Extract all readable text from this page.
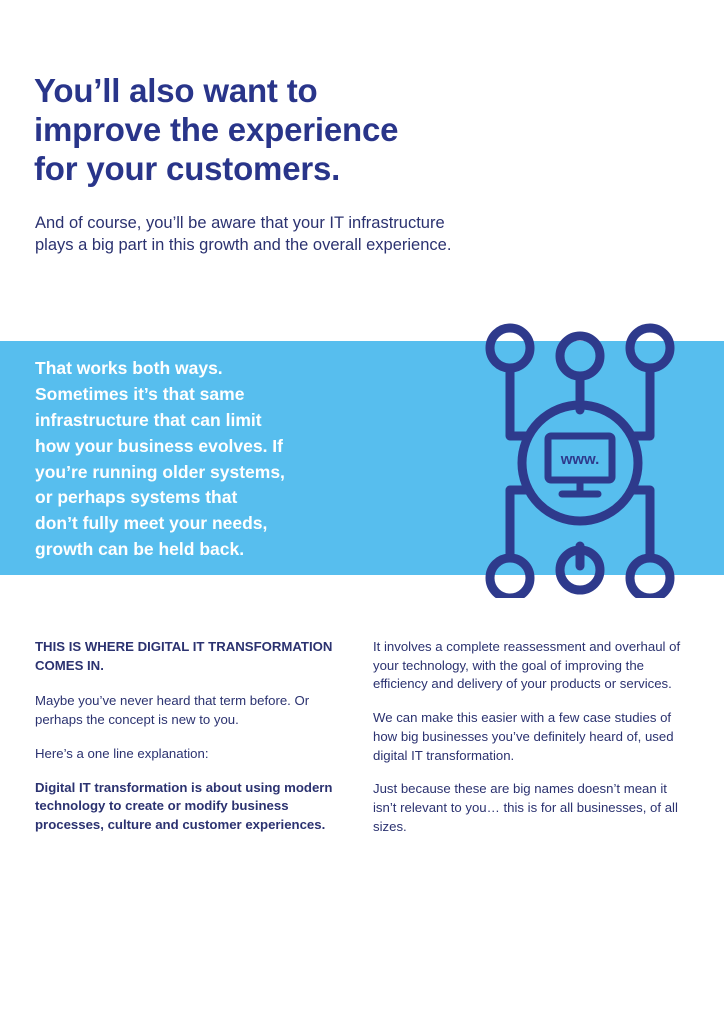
You’ll also want to
improve the experience
for your customers.
And of course, you’ll be aware that your IT infrastructure
plays a big part in this growth and the overall experience.
That works both ways.
Sometimes it’s that same
infrastructure that can limit
how your business evolves. If
you’re running older systems,
or perhaps systems that
don’t fully meet your needs,
growth can be held back.
www.

THIS IS WHERE DIGITAL IT TRANSFORMATION COMES IN.

Maybe you’ve never heard that term before. Or perhaps the concept is new to you.

Here’s a one line explanation:

Digital IT transformation is about using modern technology to create or modify business processes, culture and customer experiences.

It involves a complete reassessment and overhaul of your technology, with the goal of improving the efficiency and delivery of your products or services.

We can make this easier with a few case studies of how big businesses you’ve definitely heard of, used digital IT transformation.

Just because these are big names doesn’t mean it isn’t relevant to you… this is for all businesses, of all sizes.
